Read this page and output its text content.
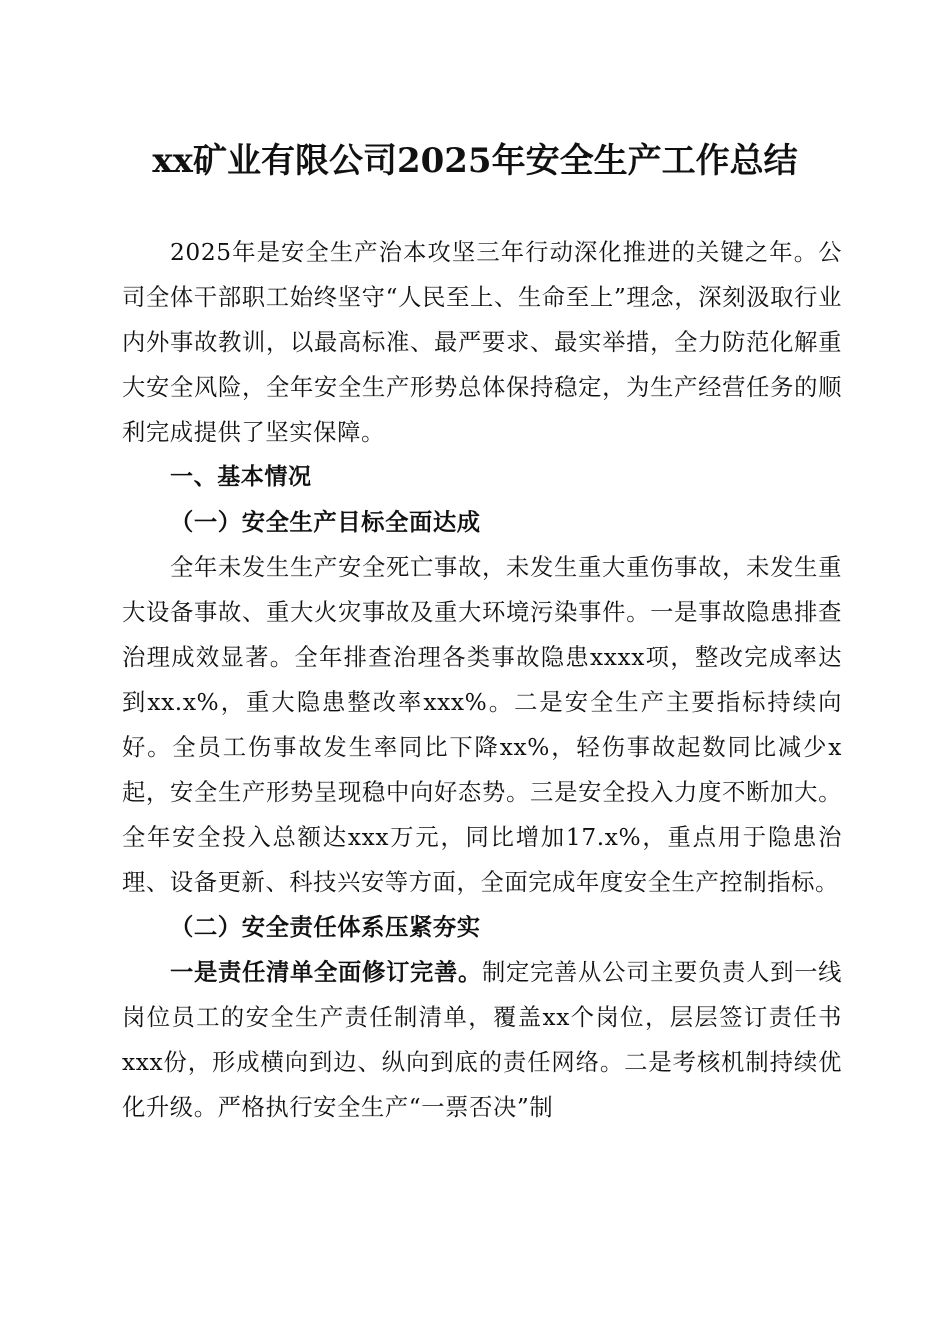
xx矿业有限公司2025年安全生产工作总结

2025年是安全生产治本攻坚三年行动深化推进的关键之年。公司全体干部职工始终坚守“人民至上、生命至上”理念，深刻汲取行业内外事故教训，以最高标准、最严要求、最实举措，全力防范化解重大安全风险，全年安全生产形势总体保持稳定，为生产经营任务的顺利完成提供了坚实保障。

一、基本情况

（一）安全生产目标全面达成

全年未发生生产安全死亡事故，未发生重大重伤事故，未发生重大设备事故、重大火灾事故及重大环境污染事件。一是事故隐患排查治理成效显著。全年排查治理各类事故隐患xxxx项，整改完成率达到xx.x%，重大隐患整改率xxx%。二是安全生产主要指标持续向好。全员工伤事故发生率同比下降xx%，轻伤事故起数同比减少x起，安全生产形势呈现稳中向好态势。三是安全投入力度不断加大。全年安全投入总额达xxx万元，同比增加17.x%，重点用于隐患治理、设备更新、科技兴安等方面，全面完成年度安全生产控制指标。

（二）安全责任体系压紧夯实

一是责任清单全面修订完善。制定完善从公司主要负责人到一线岗位员工的安全生产责任制清单，覆盖xx个岗位，层层签订责任书xxx份，形成横向到边、纵向到底的责任网络。二是考核机制持续优化升级。严格执行安全生产“一票否决”制
